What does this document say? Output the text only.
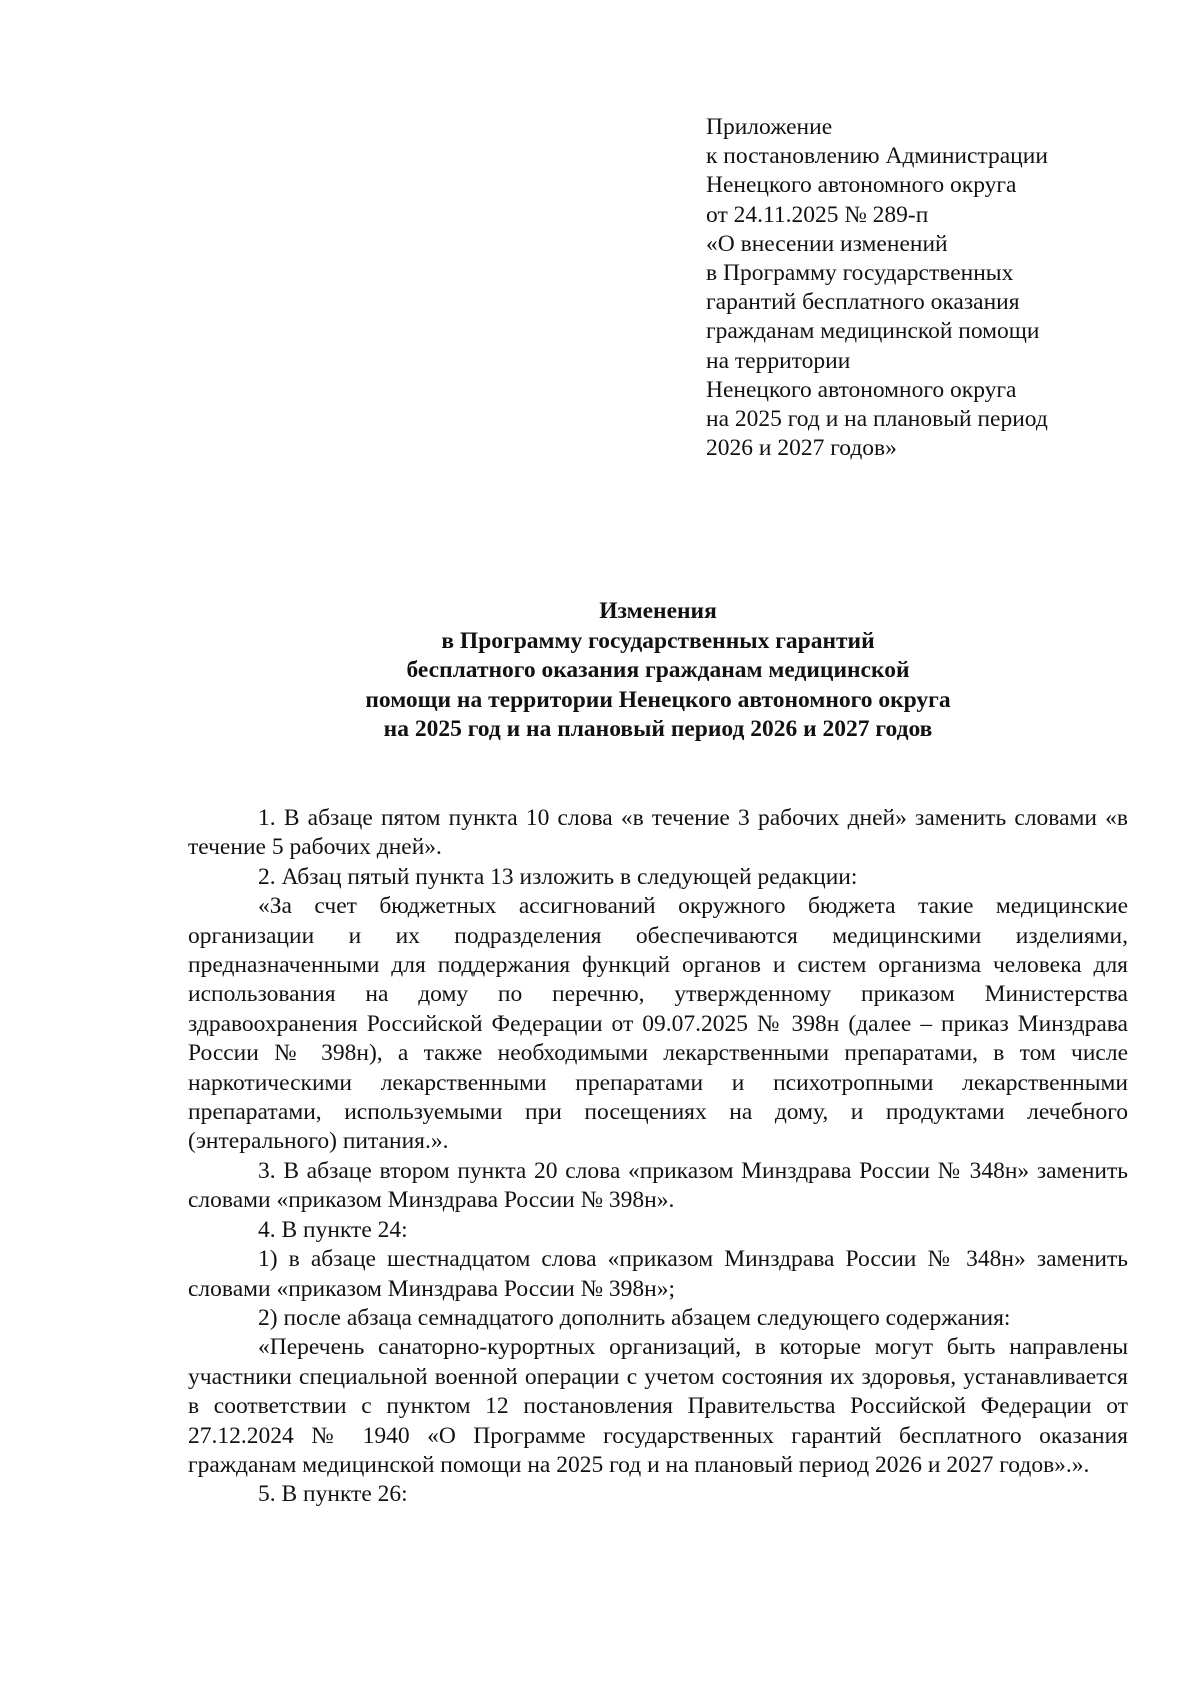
Приложение
к постановлению Администрации
Ненецкого автономного округа
от 24.11.2025 № 289-п
«О внесении изменений
в Программу государственных
гарантий бесплатного оказания
гражданам медицинской помощи
на территории
Ненецкого автономного округа
на 2025 год и на плановый период
2026 и 2027 годов»
Изменения
в Программу государственных гарантий
бесплатного оказания гражданам медицинской
помощи на территории Ненецкого автономного округа
на 2025 год и на плановый период 2026 и 2027 годов

1. В абзаце пятом пункта 10 слова «в течение 3 рабочих дней» заменить словами «в течение 5 рабочих дней».

2. Абзац пятый пункта 13 изложить в следующей редакции:

«За счет бюджетных ассигнований окружного бюджета такие медицинские организации и их подразделения обеспечиваются медицинскими изделиями, предназначенными для поддержания функций органов и систем организма человека для использования на дому по перечню, утвержденному приказом Министерства здравоохранения Российской Федерации от 09.07.2025 № 398н (далее – приказ Минздрава России № 398н), а также необходимыми лекарственными препаратами, в том числе наркотическими лекарственными препаратами и психотропными лекарственными препаратами, используемыми при посещениях на дому, и продуктами лечебного (энтерального) питания.».

3. В абзаце втором пункта 20 слова «приказом Минздрава России № 348н» заменить словами «приказом Минздрава России № 398н».

4. В пункте 24:

1) в абзаце шестнадцатом слова «приказом Минздрава России № 348н» заменить словами «приказом Минздрава России № 398н»;

2) после абзаца семнадцатого дополнить абзацем следующего содержания:

«Перечень санаторно-курортных организаций, в которые могут быть направлены участники специальной военной операции с учетом состояния их здоровья, устанавливается в соответствии с пунктом 12 постановления Правительства Российской Федерации от 27.12.2024 № 1940 «О Программе государственных гарантий бесплатного оказания гражданам медицинской помощи на 2025 год и на плановый период 2026 и 2027 годов».».

5. В пункте 26:
